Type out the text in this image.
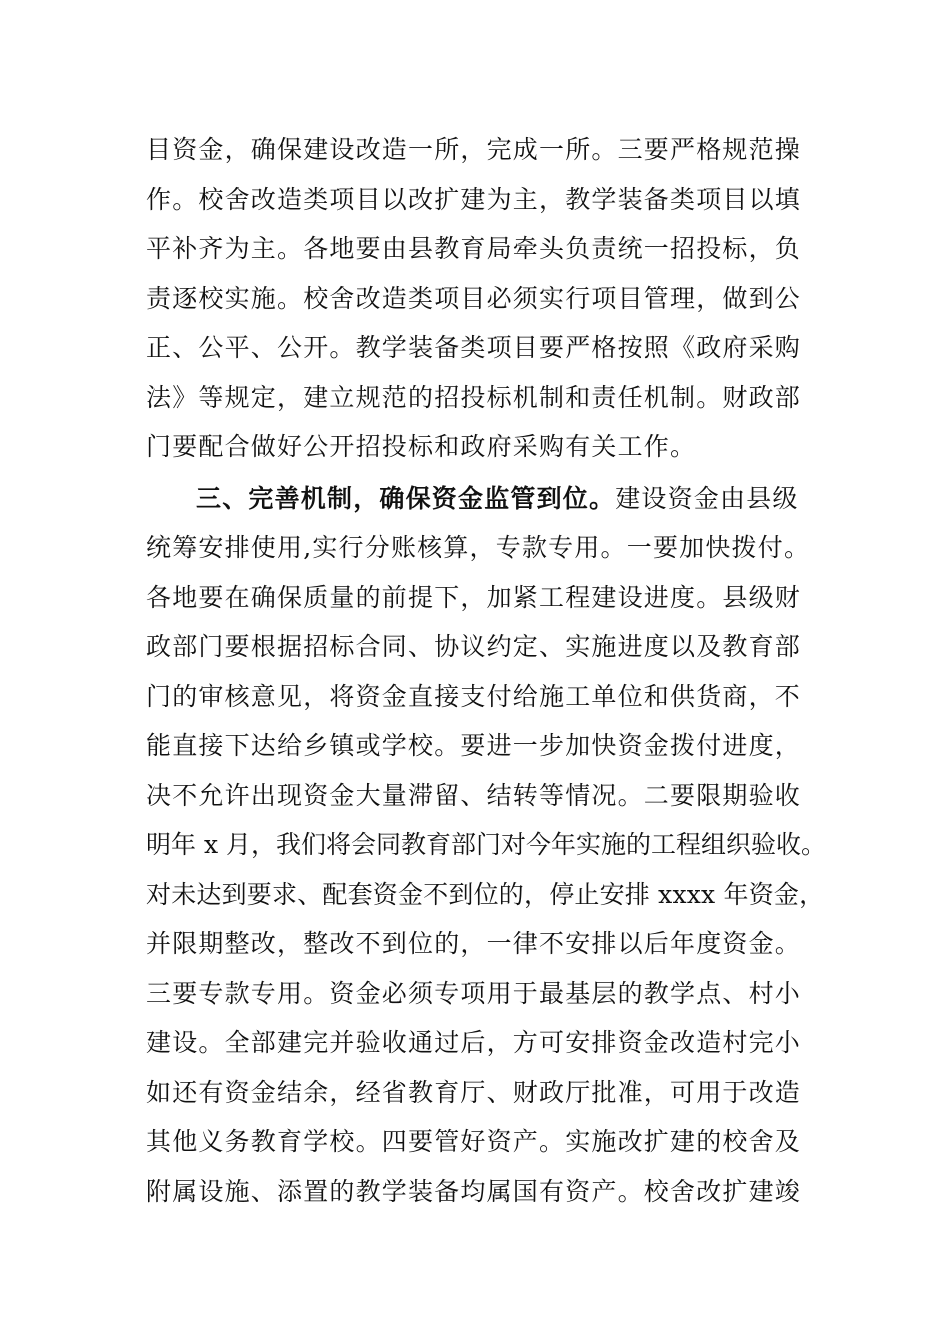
目资金，确保建设改造一所，完成一所。三要严格规范操
作。校舍改造类项目以改扩建为主，教学装备类项目以填
平补齐为主。各地要由县教育局牵头负责统一招投标，负
责逐校实施。校舍改造类项目必须实行项目管理，做到公
正、公平、公开。教学装备类项目要严格按照《政府采购
法》等规定，建立规范的招投标机制和责任机制。财政部
门要配合做好公开招投标和政府采购有关工作。
三、完善机制，确保资金监管到位。建设资金由县级
统筹安排使用,实行分账核算，专款专用。一要加快拨付。
各地要在确保质量的前提下，加紧工程建设进度。县级财
政部门要根据招标合同、协议约定、实施进度以及教育部
门的审核意见，将资金直接支付给施工单位和供货商，不
能直接下达给乡镇或学校。要进一步加快资金拨付进度，
决不允许出现资金大量滞留、结转等情况。二要限期验收
明年 x 月，我们将会同教育部门对今年实施的工程组织验收。
对未达到要求、配套资金不到位的，停止安排 xxxx 年资金，
并限期整改，整改不到位的，一律不安排以后年度资金。
三要专款专用。资金必须专项用于最基层的教学点、村小
建设。全部建完并验收通过后，方可安排资金改造村完小
如还有资金结余，经省教育厅、财政厅批准，可用于改造
其他义务教育学校。四要管好资产。实施改扩建的校舍及
附属设施、添置的教学装备均属国有资产。校舍改扩建竣
